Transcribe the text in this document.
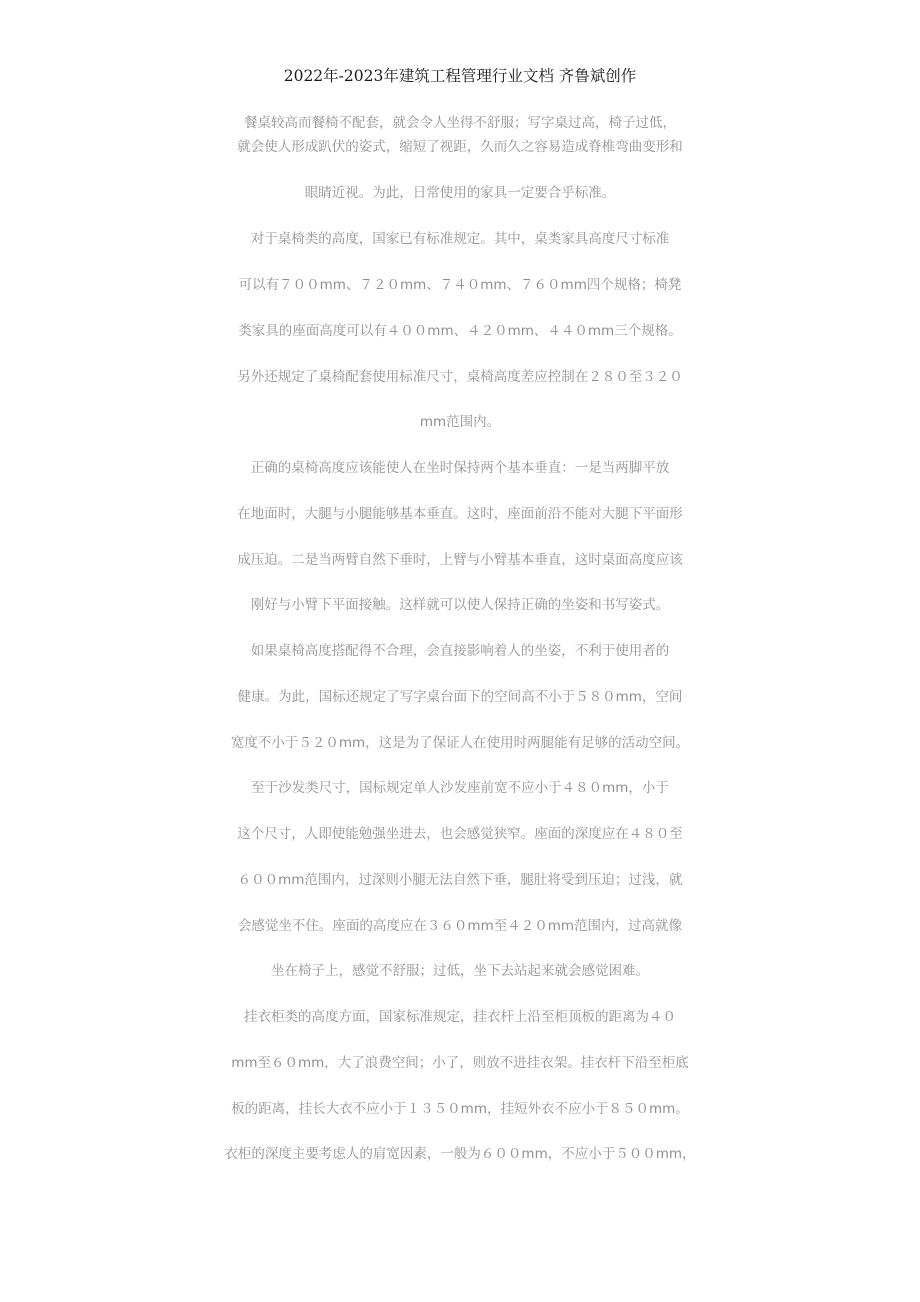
2022年-2023年建筑工程管理行业文档 齐鲁斌创作
餐桌较高而餐椅不配套，就会令人坐得不舒服；写字桌过高，椅子过低，
就会使人形成趴伏的姿式，缩短了视距，久而久之容易造成脊椎弯曲变形和
眼睛近视。为此，日常使用的家具一定要合乎标准。
对于桌椅类的高度，国家已有标准规定。其中，桌类家具高度尺寸标准
可以有７００mm、７２０mm、７４０mm、７６０mm四个规格；椅凳
类家具的座面高度可以有４００mm、４２０mm、４４０mm三个规格。
另外还规定了桌椅配套使用标准尺寸，桌椅高度差应控制在２８０至３２０
mm范围内。
正确的桌椅高度应该能使人在坐时保持两个基本垂直：一是当两脚平放
在地面时，大腿与小腿能够基本垂直。这时，座面前沿不能对大腿下平面形
成压迫。二是当两臂自然下垂时，上臂与小臂基本垂直，这时桌面高度应该
刚好与小臂下平面接触。这样就可以使人保持正确的坐姿和书写姿式。
如果桌椅高度搭配得不合理，会直接影响着人的坐姿，不利于使用者的
健康。为此，国标还规定了写字桌台面下的空间高不小于５８０mm，空间
宽度不小于５２０mm，这是为了保证人在使用时两腿能有足够的活动空间。
至于沙发类尺寸，国标规定单人沙发座前宽不应小于４８０mm，小于
这个尺寸，人即使能勉强坐进去，也会感觉狭窄。座面的深度应在４８０至
６００mm范围内，过深则小腿无法自然下垂，腿肚将受到压迫；过浅，就
会感觉坐不住。座面的高度应在３６０mm至４２０mm范围内，过高就像
坐在椅子上，感觉不舒服；过低，坐下去站起来就会感觉困难。
挂衣柜类的高度方面，国家标准规定，挂衣杆上沿至柜顶板的距离为４０
mm至６０mm，大了浪费空间；小了，则放不进挂衣架。挂衣杆下沿至柜底
板的距离，挂长大衣不应小于１３５０mm，挂短外衣不应小于８５０mm。
衣柜的深度主要考虑人的肩宽因素，一般为６００mm，不应小于５００mm，
